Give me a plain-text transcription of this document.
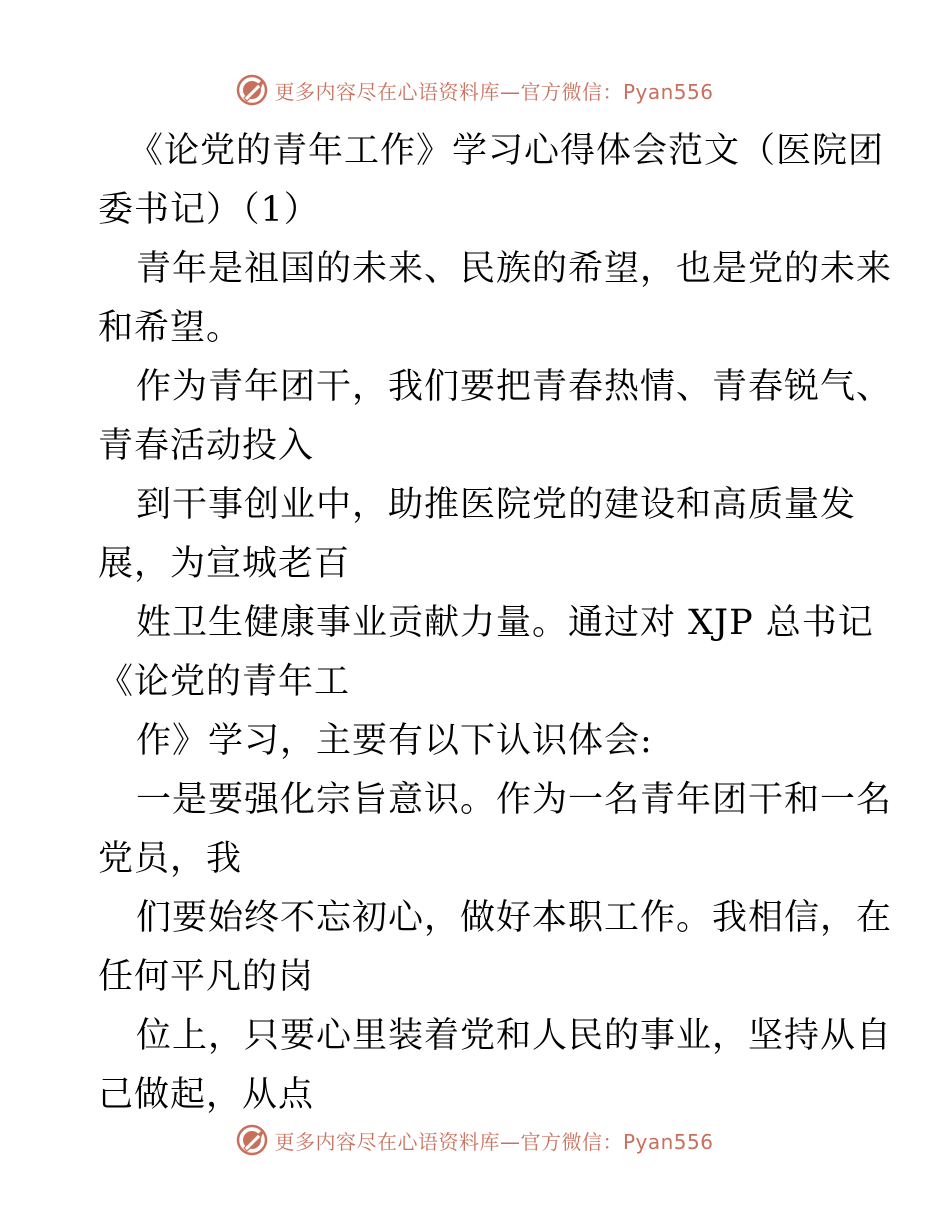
更多内容尽在心语资料库—官方微信：Pyan556
《论党的青年工作》学习心得体会范文（医院团
委书记）（1）
青年是祖国的未来、民族的希望，也是党的未来
和希望。
作为青年团干，我们要把青春热情、青春锐气、
青春活动投入
到干事创业中，助推医院党的建设和高质量发
展，为宣城老百
姓卫生健康事业贡献力量。通过对 XJP 总书记
《论党的青年工
作》学习，主要有以下认识体会:
一是要强化宗旨意识。作为一名青年团干和一名
党员，我
们要始终不忘初心，做好本职工作。我相信，在
任何平凡的岗
位上，只要心里装着党和人民的事业，坚持从自
己做起，从点
更多内容尽在心语资料库—官方微信：Pyan556
